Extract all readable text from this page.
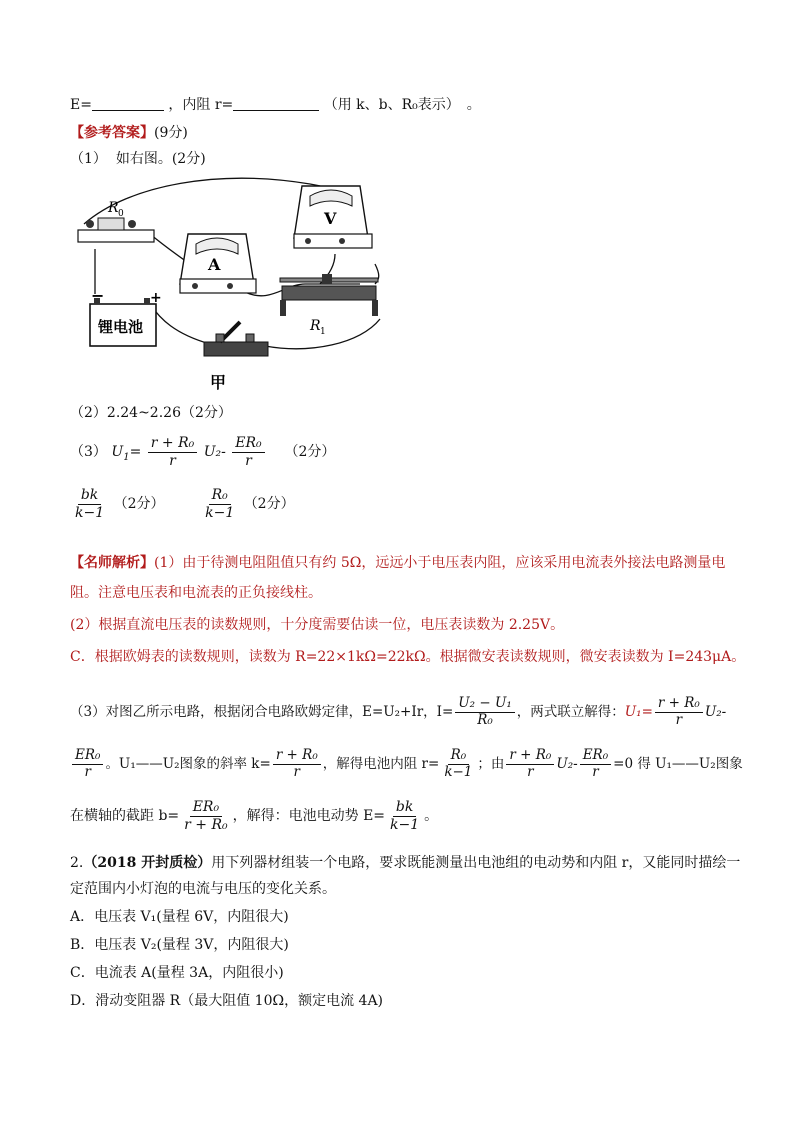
E=	，内阻 r=	（用 k、b、R₀表示）　。
【参考答案】(9分)
（1） 如右图。(2分)
R 0
A
V
R 1
−	+
锂电池
甲
（2）2.24~2.26（2分）
（3） $U_1= \frac{\text{r + R₀}}{r} U_2- \frac{\text{ER₀}}{r} (2$分）
$\frac{bk}{k-1} (2$分）	$\frac{\text{R₀}}{k-1} (2$分）
【名师解析】(1）由于待测电阻阻值只有约 5Ω，远远小于电压表内阻，应该采用电流表外接法电路测量电
阻。注意电压表和电流表的正负接线柱。
(2）根据直流电压表的读数规则，十分度需要估读一位，电压表读数为 2.25V。
C．根据欧姆表的读数规则，读数为 R=22×1kΩ=22kΩ。根据微安表读数规则，微安表读数为 I=243μA。
（3）对图乙所示电路，根据闭合电路欧姆定律，E=U₂+Ir，$I= \frac{\text{U₂ − U₁}}{\text{R₀}}$ ，两式联立解得：$U_1= \frac{\text{r + R₀}}{r} U_2-$
$\frac{\text{ER₀}}{r}$ 。U₁——U₂图象的斜率 $k= \frac{\text{r + R₀}}{r}$ ，解得电池内阻 $r= \frac{\text{R₀}}{k-1}$ ；由 $\frac{\text{r + R₀}}{r} U_2- \frac{\text{ER₀}}{r} =0$ 得 U₁——U₂图象
在横轴的截距 $b= \frac{\text{ER₀}}{\text{r + R₀}}$ ，解得：电池电动势 $E= \frac{bk}{k-1}$ 。
2.（2018 开封质检）用下列器材组装一个电路，要求既能测量出电池组的电动势和内阻 r，又能同时描绘一
定范围内小灯泡的电流与电压的变化关系。
A．电压表 V₁(量程 6V，内阻很大)
B．电压表 V₂(量程 3V，内阻很大)
C．电流表 A(量程 3A，内阻很小)
D．滑动变阻器 R（最大阻值 10Ω，额定电流 4A)
